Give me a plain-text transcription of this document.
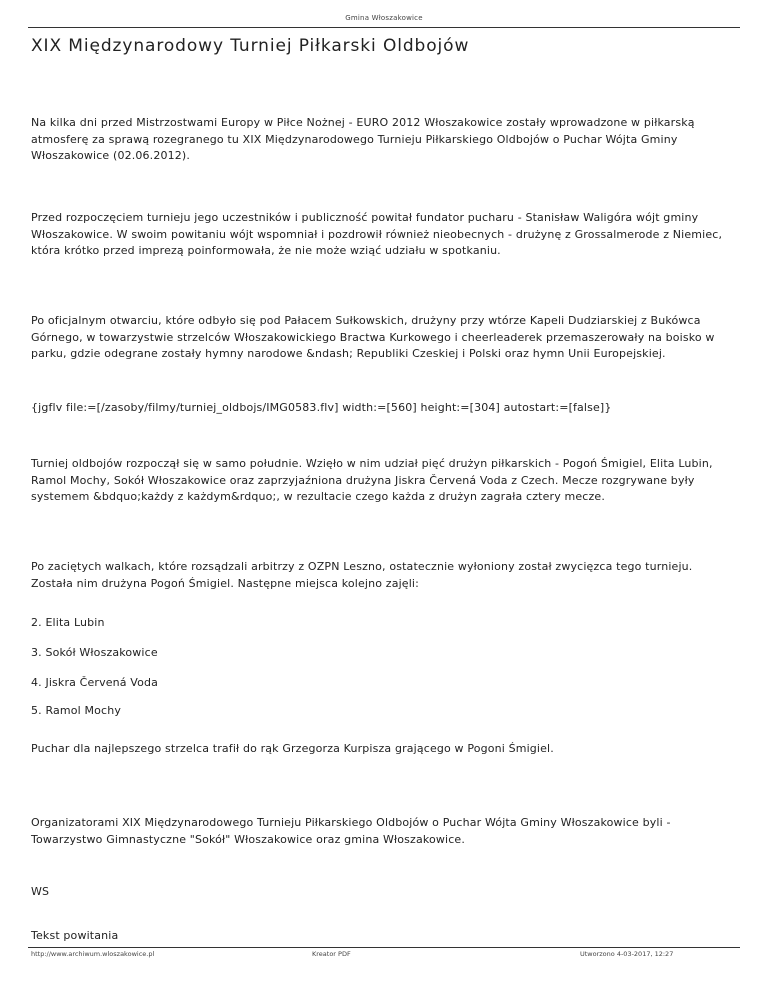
Gmina Włoszakowice
XIX Międzynarodowy Turniej Piłkarski Oldbojów

Na kilka dni przed Mistrzostwami Europy w Piłce Nożnej - EURO 2012 Włoszakowice zostały wprowadzone w piłkarską atmosferę za sprawą rozegranego tu XIX Międzynarodowego Turnieju Piłkarskiego Oldbojów o Puchar Wójta Gminy Włoszakowice (02.06.2012).

Przed rozpoczęciem turnieju jego uczestników i publiczność powitał fundator pucharu - Stanisław Waligóra wójt gminy Włoszakowice. W swoim powitaniu wójt wspomniał i pozdrowił również nieobecnych - drużynę z Grossalmerode z Niemiec, która krótko przed imprezą poinformowała, że nie może wziąć udziału w spotkaniu.

Po oficjalnym otwarciu, które odbyło się pod Pałacem Sułkowskich, drużyny przy wtórze Kapeli Dudziarskiej z Bukówca Górnego, w towarzystwie strzelców Włoszakowickiego Bractwa Kurkowego i cheerleaderek przemaszerowały na boisko w parku, gdzie odegrane zostały hymny narodowe &ndash; Republiki Czeskiej i Polski oraz hymn Unii Europejskiej.

{jgflv file:=[/zasoby/filmy/turniej_oldbojs/IMG0583.flv] width:=[560] height:=[304] autostart:=[false]}

Turniej oldbojów rozpoczął się w samo południe. Wzięło w nim udział pięć drużyn piłkarskich - Pogoń Śmigiel, Elita Lubin, Ramol Mochy, Sokół Włoszakowice oraz zaprzyjaźniona drużyna Jiskra Červená Voda z Czech. Mecze rozgrywane były systemem &bdquo;każdy z każdym&rdquo;, w rezultacie czego każda z drużyn zagrała cztery mecze.

Po zaciętych walkach, które rozsądzali arbitrzy z OZPN Leszno, ostatecznie wyłoniony został zwycięzca tego turnieju. Została nim drużyna Pogoń Śmigiel. Następne miejsca kolejno zajęli:

2. Elita Lubin

3. Sokół Włoszakowice

4. Jiskra Červená Voda

5. Ramol Mochy

Puchar dla najlepszego strzelca trafił do rąk Grzegorza Kurpisza grającego w Pogoni Śmigiel.

Organizatorami XIX Międzynarodowego Turnieju Piłkarskiego Oldbojów o Puchar Wójta Gminy Włoszakowice byli - Towarzystwo Gimnastyczne "Sokół" Włoszakowice oraz gmina Włoszakowice.

WS

Tekst powitania

http://www.archiwum.wloszakowice.pl	Kreator PDF	Utworzono 4-03-2017, 12:27
